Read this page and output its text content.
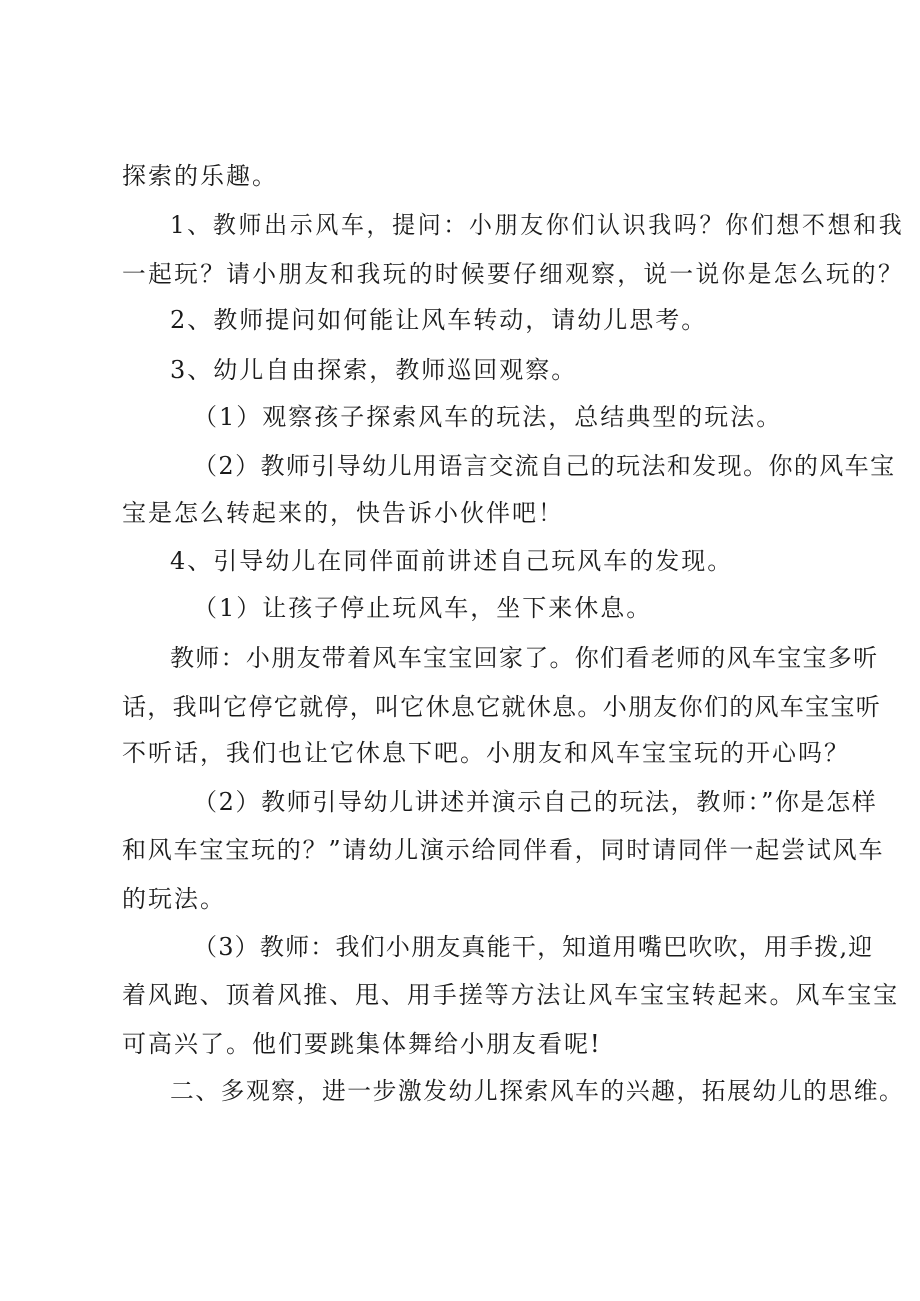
探索的乐趣。
1、教师出示风车，提问：小朋友你们认识我吗？你们想不想和我
一起玩？请小朋友和我玩的时候要仔细观察，说一说你是怎么玩的？
2、教师提问如何能让风车转动，请幼儿思考。
3、幼儿自由探索，教师巡回观察。
（1）观察孩子探索风车的玩法，总结典型的玩法。
（2）教师引导幼儿用语言交流自己的玩法和发现。你的风车宝
宝是怎么转起来的，快告诉小伙伴吧！
4、引导幼儿在同伴面前讲述自己玩风车的发现。
（1）让孩子停止玩风车，坐下来休息。
教师：小朋友带着风车宝宝回家了。你们看老师的风车宝宝多听
话，我叫它停它就停，叫它休息它就休息。小朋友你们的风车宝宝听
不听话，我们也让它休息下吧。小朋友和风车宝宝玩的开心吗？
（2）教师引导幼儿讲述并演示自己的玩法，教师：”你是怎样
和风车宝宝玩的？”请幼儿演示给同伴看，同时请同伴一起尝试风车
的玩法。
（3）教师：我们小朋友真能干，知道用嘴巴吹吹，用手拨,迎
着风跑、顶着风推、甩、用手搓等方法让风车宝宝转起来。风车宝宝
可高兴了。他们要跳集体舞给小朋友看呢!
二、多观察，进一步激发幼儿探索风车的兴趣，拓展幼儿的思维。
